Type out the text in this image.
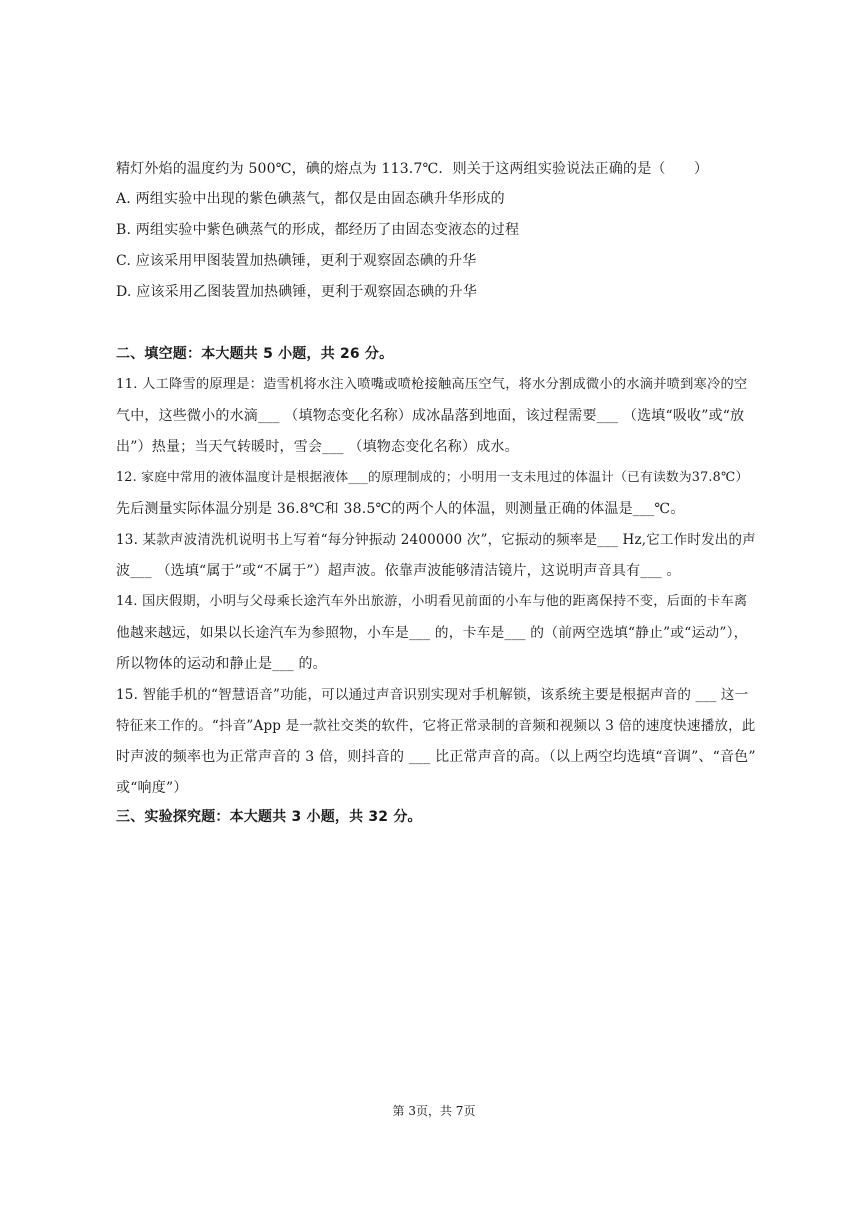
精灯外焰的温度约为 500℃，碘的熔点为 113.7℃．则关于这两组实验说法正确的是（　　）
A. 两组实验中出现的紫色碘蒸气，都仅是由固态碘升华形成的
B. 两组实验中紫色碘蒸气的形成，都经历了由固态变液态的过程
C. 应该采用甲图装置加热碘锤，更利于观察固态碘的升华
D. 应该采用乙图装置加热碘锤，更利于观察固态碘的升华
二、填空题：本大题共 5 小题，共 26 分。
11. 人工降雪的原理是：造雪机将水注入喷嘴或喷枪接触高压空气，将水分割成微小的水滴并喷到寒冷的空
气中，这些微小的水滴___ （填物态变化名称）成冰晶落到地面，该过程需要___ （选填“吸收”或“放
出”）热量；当天气转暖时，雪会___ （填物态变化名称）成水。
12. 家庭中常用的液体温度计是根据液体___的原理制成的；小明用一支未甩过的体温计（已有读数为37.8℃）
先后测量实际体温分别是 36.8℃和 38.5℃的两个人的体温，则测量正确的体温是___℃。
13. 某款声波清洗机说明书上写着“每分钟振动 2400000 次”，它振动的频率是___ Hz,它工作时发出的声
波___ （选填“属于”或“不属于”）超声波。依靠声波能够清洁镜片，这说明声音具有___ 。
14. 国庆假期，小明与父母乘长途汽车外出旅游，小明看见前面的小车与他的距离保持不变，后面的卡车离
他越来越远，如果以长途汽车为参照物，小车是___ 的，卡车是___ 的（前两空选填“静止”或“运动”），
所以物体的运动和静止是___ 的。
15. 智能手机的“智慧语音”功能，可以通过声音识别实现对手机解锁，该系统主要是根据声音的 ___ 这一
特征来工作的。“抖音”App 是一款社交类的软件，它将正常录制的音频和视频以 3 倍的速度快速播放，此
时声波的频率也为正常声音的 3 倍，则抖音的 ___ 比正常声音的高。（以上两空均选填“音调”、“音色”
或“响度”）
三、实验探究题：本大题共 3 小题，共 32 分。
第 3页，共 7页
